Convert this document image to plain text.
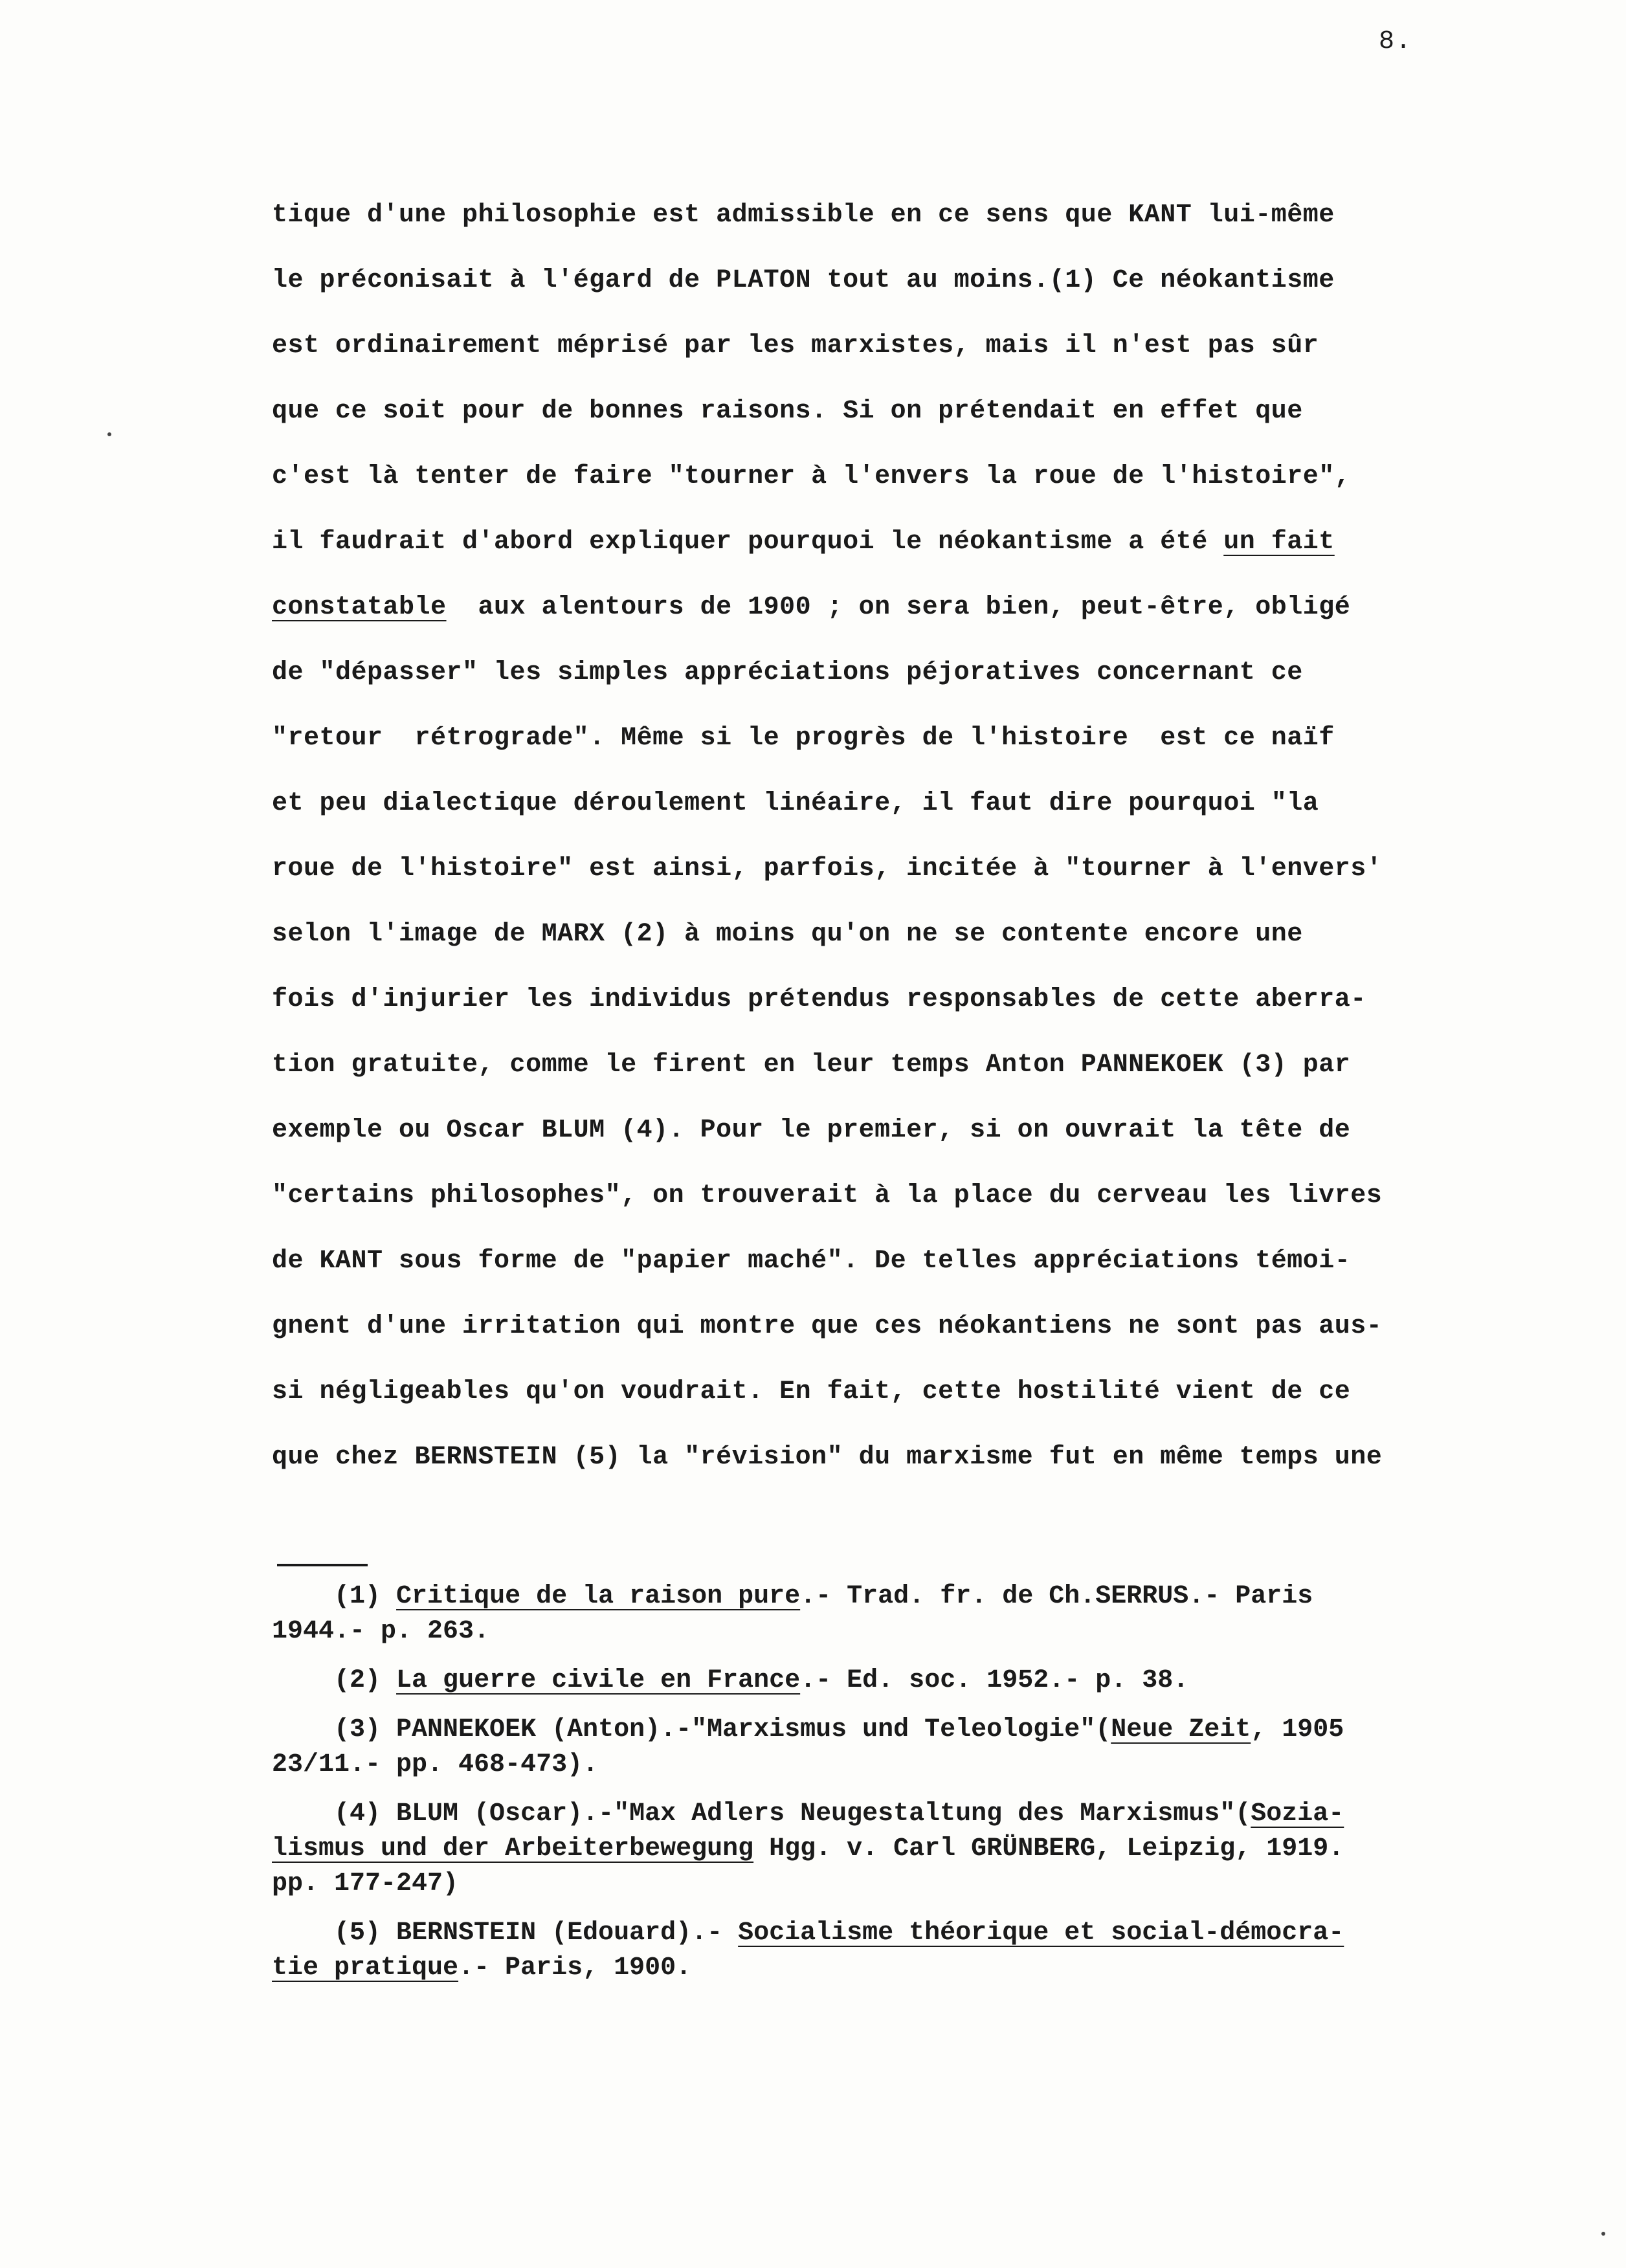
8.
tique d'une philosophie est admissible en ce sens que KANT lui-même
le préconisait à l'égard de PLATON tout au moins.(1) Ce néokantisme
est ordinairement méprisé par les marxistes, mais il n'est pas sûr
que ce soit pour de bonnes raisons. Si on prétendait en effet que
c'est là tenter de faire "tourner à l'envers la roue de l'histoire",
il faudrait d'abord expliquer pourquoi le néokantisme a été un fait
constatable  aux alentours de 1900 ; on sera bien, peut-être, obligé
de "dépasser" les simples appréciations péjoratives concernant ce
"retour  rétrograde". Même si le progrès de l'histoire  est ce naïf
et peu dialectique déroulement linéaire, il faut dire pourquoi "la
roue de l'histoire" est ainsi, parfois, incitée à "tourner à l'envers'
selon l'image de MARX (2) à moins qu'on ne se contente encore une
fois d'injurier les individus prétendus responsables de cette aberra-
tion gratuite, comme le firent en leur temps Anton PANNEKOEK (3) par
exemple ou Oscar BLUM (4). Pour le premier, si on ouvrait la tête de
"certains philosophes", on trouverait à la place du cerveau les livres
de KANT sous forme de "papier maché". De telles appréciations témoi-
gnent d'une irritation qui montre que ces néokantiens ne sont pas aus-
si négligeables qu'on voudrait. En fait, cette hostilité vient de ce
que chez BERNSTEIN (5) la "révision" du marxisme fut en même temps une
(1) Critique de la raison pure.- Trad. fr. de Ch.SERRUS.- Paris
1944.- p. 263.
(2) La guerre civile en France.- Ed. soc. 1952.- p. 38.
(3) PANNEKOEK (Anton).-"Marxismus und Teleologie"(Neue Zeit, 1905
23/11.- pp. 468-473).
(4) BLUM (Oscar).-"Max Adlers Neugestaltung des Marxismus"(Sozia-
lismus und der Arbeiterbewegung Hgg. v. Carl GRÜNBERG, Leipzig, 1919.
pp. 177-247)
(5) BERNSTEIN (Edouard).- Socialisme théorique et social-démocra-
tie pratique.- Paris, 1900.
